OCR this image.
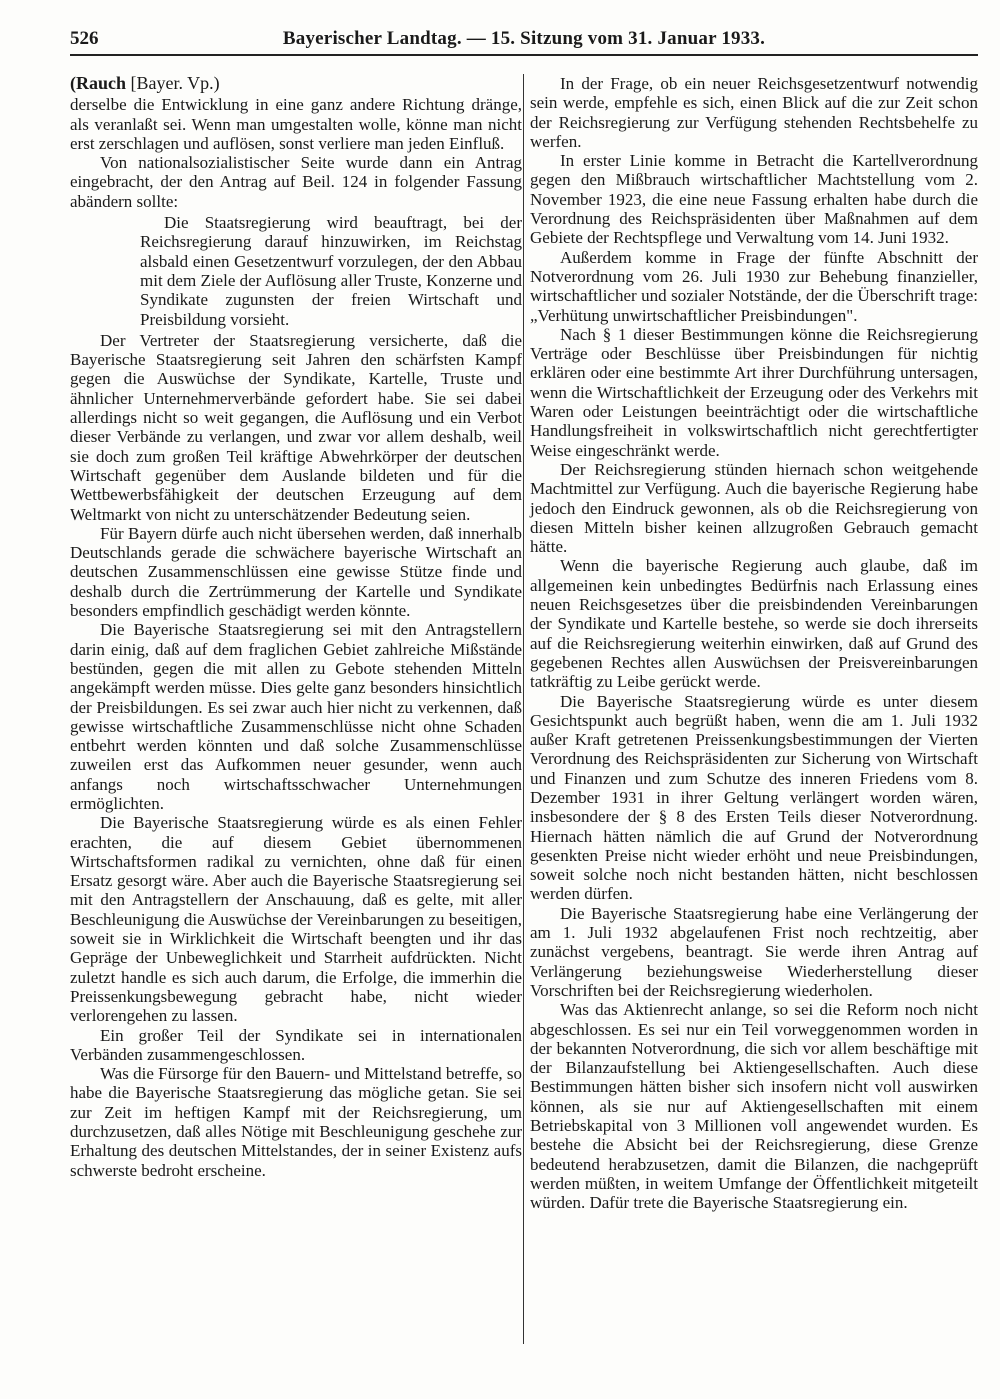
526	Bayerischer Landtag. — 15. Sitzung vom 31. Januar 1933.
(Rauch [Bayer. Vp.)

derselbe die Entwicklung in eine ganz andere Richtung dränge, als veranlaßt sei. Wenn man umgestalten wolle, könne man nicht erst zerschlagen und auflösen, sonst verliere man jeden Einfluß.

Von nationalsozialistischer Seite wurde dann ein Antrag eingebracht, der den Antrag auf Beil. 124 in folgender Fassung abändern sollte:

Die Staatsregierung wird beauftragt, bei der Reichsregierung darauf hinzuwirken, im Reichstag alsbald einen Gesetzentwurf vorzulegen, der den Abbau mit dem Ziele der Auflösung aller Truste, Konzerne und Syndikate zugunsten der freien Wirtschaft und Preisbildung vorsieht.

Der Vertreter der Staatsregierung versicherte, daß die Bayerische Staatsregierung seit Jahren den schärfsten Kampf gegen die Auswüchse der Syndikate, Kartelle, Truste und ähnlicher Unternehmerverbände gefordert habe. Sie sei dabei allerdings nicht so weit gegangen, die Auflösung und ein Verbot dieser Verbände zu verlangen, und zwar vor allem deshalb, weil sie doch zum großen Teil kräftige Abwehrkörper der deutschen Wirtschaft gegenüber dem Auslande bildeten und für die Wettbewerbsfähigkeit der deutschen Erzeugung auf dem Weltmarkt von nicht zu unterschätzender Bedeutung seien.

Für Bayern dürfe auch nicht übersehen werden, daß innerhalb Deutschlands gerade die schwächere bayerische Wirtschaft an deutschen Zusammenschlüssen eine gewisse Stütze finde und deshalb durch die Zertrümmerung der Kartelle und Syndikate besonders empfindlich geschädigt werden könnte.

Die Bayerische Staatsregierung sei mit den Antragstellern darin einig, daß auf dem fraglichen Gebiet zahlreiche Mißstände bestünden, gegen die mit allen zu Gebote stehenden Mitteln angekämpft werden müsse. Dies gelte ganz besonders hinsichtlich der Preisbildungen. Es sei zwar auch hier nicht zu verkennen, daß gewisse wirtschaftliche Zusammenschlüsse nicht ohne Schaden entbehrt werden könnten und daß solche Zusammenschlüsse zuweilen erst das Aufkommen neuer gesunder, wenn auch anfangs noch wirtschaftsschwacher Unternehmungen ermöglichten.

Die Bayerische Staatsregierung würde es als einen Fehler erachten, die auf diesem Gebiet übernommenen Wirtschaftsformen radikal zu vernichten, ohne daß für einen Ersatz gesorgt wäre. Aber auch die Bayerische Staatsregierung sei mit den Antragstellern der Anschauung, daß es gelte, mit aller Beschleunigung die Auswüchse der Vereinbarungen zu beseitigen, soweit sie in Wirklichkeit die Wirtschaft beengten und ihr das Gepräge der Unbeweglichkeit und Starrheit aufdrückten. Nicht zuletzt handle es sich auch darum, die Erfolge, die immerhin die Preissenkungsbewegung gebracht habe, nicht wieder verlorengehen zu lassen.

Ein großer Teil der Syndikate sei in internationalen Verbänden zusammengeschlossen.

Was die Fürsorge für den Bauern- und Mittelstand betreffe, so habe die Bayerische Staatsregierung das mögliche getan. Sie sei zur Zeit im heftigen Kampf mit der Reichsregierung, um durchzusetzen, daß alles Nötige mit Beschleunigung geschehe zur Erhaltung des deutschen Mittelstandes, der in seiner Existenz aufs schwerste bedroht erscheine.

In der Frage, ob ein neuer Reichsgesetzentwurf notwendig sein werde, empfehle es sich, einen Blick auf die zur Zeit schon der Reichsregierung zur Verfügung stehenden Rechtsbehelfe zu werfen.

In erster Linie komme in Betracht die Kartellverordnung gegen den Mißbrauch wirtschaftlicher Machtstellung vom 2. November 1923, die eine neue Fassung erhalten habe durch die Verordnung des Reichspräsidenten über Maßnahmen auf dem Gebiete der Rechtspflege und Verwaltung vom 14. Juni 1932.

Außerdem komme in Frage der fünfte Abschnitt der Notverordnung vom 26. Juli 1930 zur Behebung finanzieller, wirtschaftlicher und sozialer Notstände, der die Überschrift trage: „Verhütung unwirtschaftlicher Preisbindungen".

Nach § 1 dieser Bestimmungen könne die Reichsregierung Verträge oder Beschlüsse über Preisbindungen für nichtig erklären oder eine bestimmte Art ihrer Durchführung untersagen, wenn die Wirtschaftlichkeit der Erzeugung oder des Verkehrs mit Waren oder Leistungen beeinträchtigt oder die wirtschaftliche Handlungsfreiheit in volkswirtschaftlich nicht gerechtfertigter Weise eingeschränkt werde.

Der Reichsregierung stünden hiernach schon weitgehende Machtmittel zur Verfügung. Auch die bayerische Regierung habe jedoch den Eindruck gewonnen, als ob die Reichsregierung von diesen Mitteln bisher keinen allzugroßen Gebrauch gemacht hätte.

Wenn die bayerische Regierung auch glaube, daß im allgemeinen kein unbedingtes Bedürfnis nach Erlassung eines neuen Reichsgesetzes über die preisbindenden Vereinbarungen der Syndikate und Kartelle bestehe, so werde sie doch ihrerseits auf die Reichsregierung weiterhin einwirken, daß auf Grund des gegebenen Rechtes allen Auswüchsen der Preisvereinbarungen tatkräftig zu Leibe gerückt werde.

Die Bayerische Staatsregierung würde es unter diesem Gesichtspunkt auch begrüßt haben, wenn die am 1. Juli 1932 außer Kraft getretenen Preissenkungsbestimmungen der Vierten Verordnung des Reichspräsidenten zur Sicherung von Wirtschaft und Finanzen und zum Schutze des inneren Friedens vom 8. Dezember 1931 in ihrer Geltung verlängert worden wären, insbesondere der § 8 des Ersten Teils dieser Notverordnung. Hiernach hätten nämlich die auf Grund der Notverordnung gesenkten Preise nicht wieder erhöht und neue Preisbindungen, soweit solche noch nicht bestanden hätten, nicht beschlossen werden dürfen.

Die Bayerische Staatsregierung habe eine Verlängerung der am 1. Juli 1932 abgelaufenen Frist noch rechtzeitig, aber zunächst vergebens, beantragt. Sie werde ihren Antrag auf Verlängerung beziehungsweise Wiederherstellung dieser Vorschriften bei der Reichsregierung wiederholen.

Was das Aktienrecht anlange, so sei die Reform noch nicht abgeschlossen. Es sei nur ein Teil vorweggenommen worden in der bekannten Notverordnung, die sich vor allem beschäftige mit der Bilanzaufstellung bei Aktiengesellschaften. Auch diese Bestimmungen hätten bisher sich insofern nicht voll auswirken können, als sie nur auf Aktiengesellschaften mit einem Betriebskapital von 3 Millionen voll angewendet wurden. Es bestehe die Absicht bei der Reichsregierung, diese Grenze bedeutend herabzusetzen, damit die Bilanzen, die nachgeprüft werden müßten, in weitem Umfange der Öffentlichkeit mitgeteilt würden. Dafür trete die Bayerische Staatsregierung ein.
